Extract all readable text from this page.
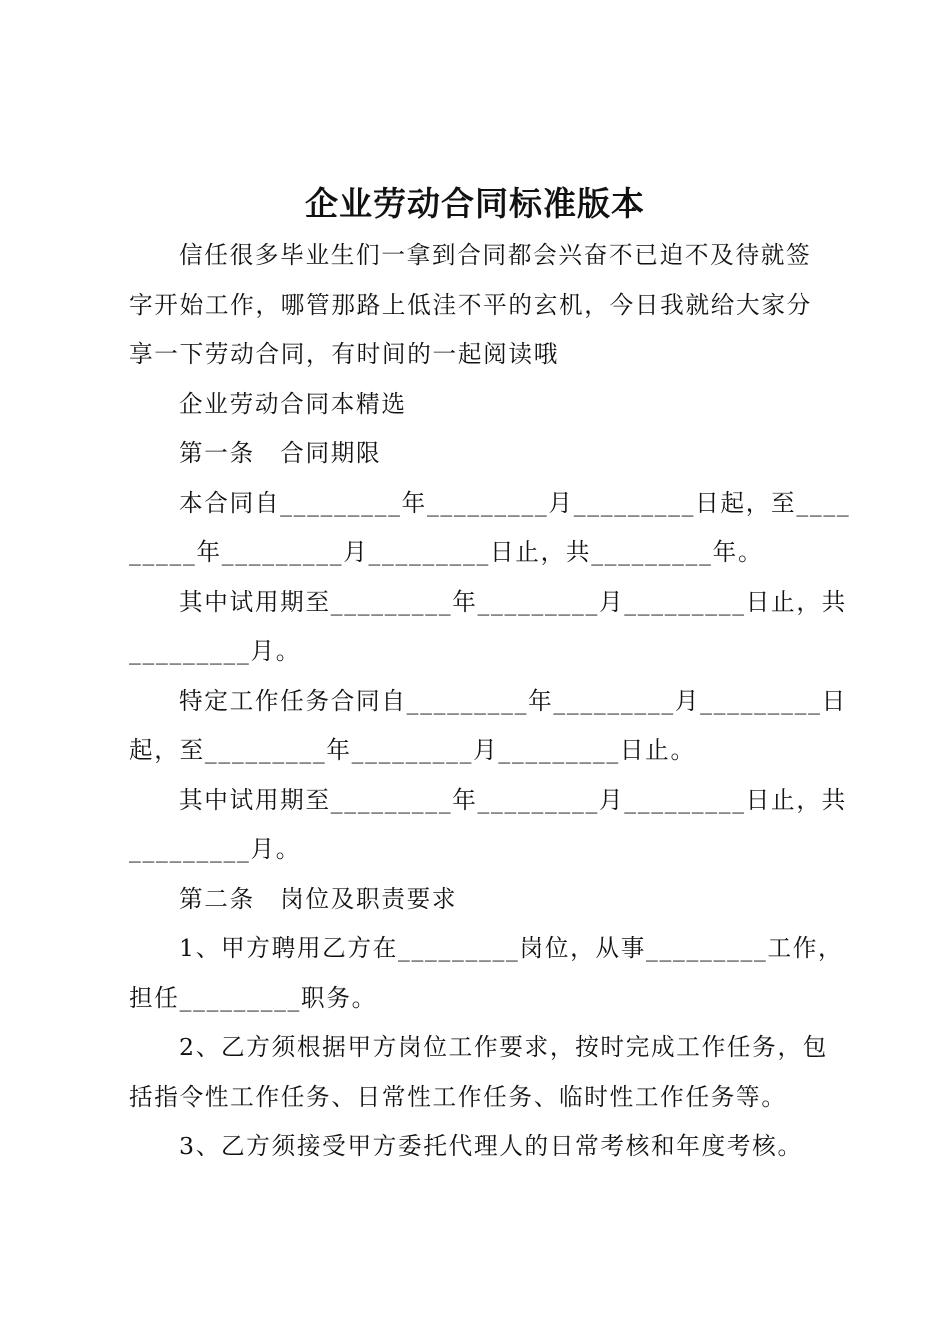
企业劳动合同标准版本
信任很多毕业生们一拿到合同都会兴奋不已迫不及待就签
字开始工作，哪管那路上低洼不平的玄机，今日我就给大家分
享一下劳动合同，有时间的一起阅读哦
企业劳动合同本精选
第一条　合同期限
本合同自_________年_________月_________日起，至____
_____年_________月_________日止，共_________年。
其中试用期至_________年_________月_________日止，共
_________月。
特定工作任务合同自_________年_________月_________日
起，至_________年_________月_________日止。
其中试用期至_________年_________月_________日止，共
_________月。
第二条　岗位及职责要求
1、甲方聘用乙方在_________岗位，从事_________工作，
担任_________职务。
2、乙方须根据甲方岗位工作要求，按时完成工作任务，包
括指令性工作任务、日常性工作任务、临时性工作任务等。
3、乙方须接受甲方委托代理人的日常考核和年度考核。
